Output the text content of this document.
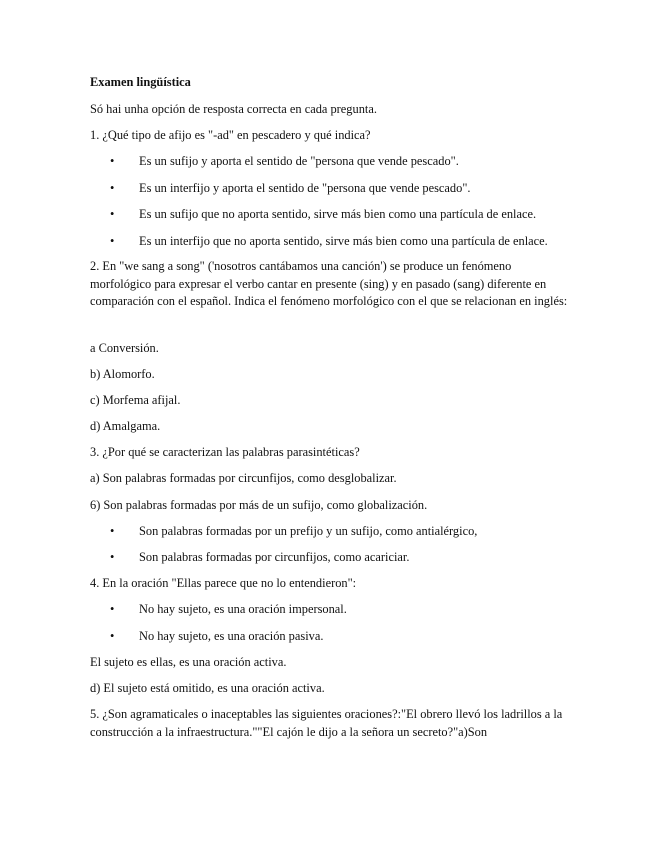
Examen lingüística
Só hai unha opción de resposta correcta en cada pregunta.
1. ¿Qué tipo de afijo es "-ad" en pescadero y qué indica?
• Es un sufijo y aporta el sentido de "persona que vende pescado".
• Es un interfijo y aporta el sentido de "persona que vende pescado".
• Es un sufijo que no aporta sentido, sirve más bien como una partícula de enlace.
• Es un interfijo que no aporta sentido, sirve más bien como una partícula de enlace.
2. En "we sang a song" ('nosotros cantábamos una canción') se produce un fenómeno morfológico para expresar el verbo cantar en presente (sing) y en pasado (sang) diferente en comparación con el español. Indica el fenómeno morfológico con el que se relacionan en inglés:
a Conversión.
b) Alomorfo.
c) Morfema afijal.
d) Amalgama.
3. ¿Por qué se caracterizan las palabras parasintéticas?
a) Son palabras formadas por circunfijos, como desglobalizar.
6) Son palabras formadas por más de un sufijo, como globalización.
• Son palabras formadas por un prefijo y un sufijo, como antialérgico,
• Son palabras formadas por circunfijos, como acariciar.
4. En la oración "Ellas parece que no lo entendieron":
• No hay sujeto, es una oración impersonal.
• No hay sujeto, es una oración pasiva.
El sujeto es ellas, es una oración activa.
d) El sujeto está omitido, es una oración activa.
5. ¿Son agramaticales o inaceptables las siguientes oraciones?:"El obrero llevó los ladrillos a la construcción a la infraestructura.""El cajón le dijo a la señora un secreto?"a)Son
